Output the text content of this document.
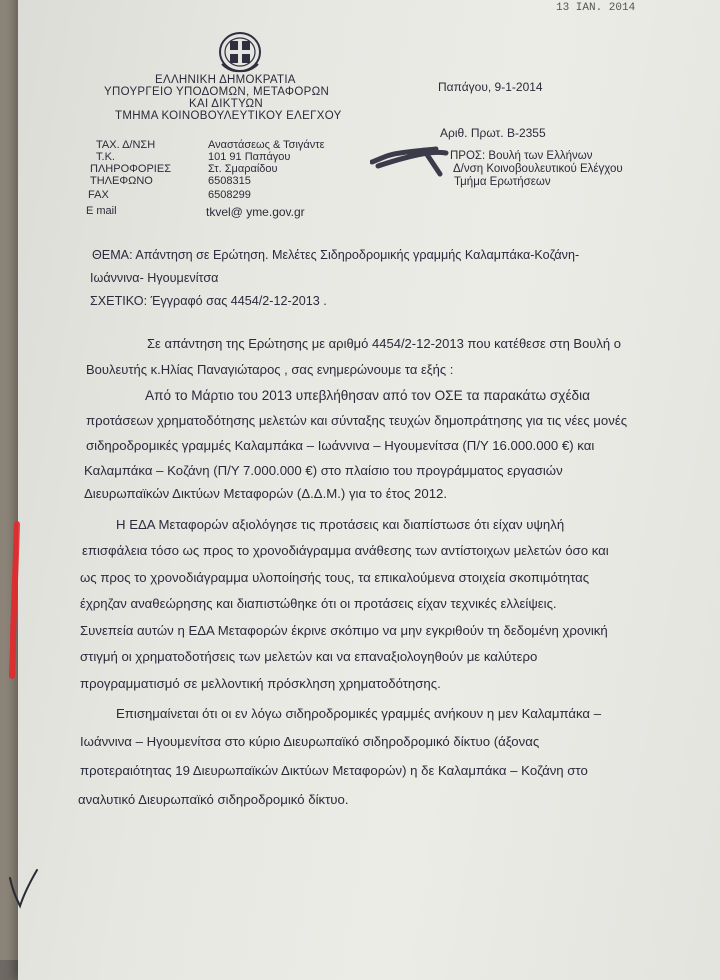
13 IAN. 2014
ΕΛΛΗΝΙΚΗ ΔΗΜΟΚΡΑΤΙΑ
ΥΠΟΥΡΓΕΙΟ ΥΠΟΔΟΜΩΝ, ΜΕΤΑΦΟΡΩΝ
ΚΑΙ ΔΙΚΤΥΩΝ
ΤΜΗΜΑ ΚΟΙΝΟΒΟΥΛΕΥΤΙΚΟΥ ΕΛΕΓΧΟΥ
Παπάγου, 9-1-2014
Αριθ. Πρωτ. Β-2355
ΤΑΧ. Δ/ΝΣΗ	Αναστάσεως & Τσιγάντε
Τ.Κ.	101 91 Παπάγου
ΠΛΗΡΟΦΟΡΙΕΣ	Στ. Σμαραίδου
ΤΗΛΕΦΩΝΟ	6508315
FAX	6508299
E mail	tkvel@ yme.gov.gr
ΠΡΟΣ: Βουλή των Ελλήνων
Δ/νση Κοινοβουλευτικού Ελέγχου
Τμήμα Ερωτήσεων
ΘΕΜΑ: Απάντηση σε Ερώτηση. Μελέτες Σιδηροδρομικής γραμμής Καλαμπάκα-Κοζάνη-
Ιωάννινα- Ηγουμενίτσα
ΣΧΕΤΙΚΟ: Έγγραφό σας 4454/2-12-2013 .
Σε απάντηση της Ερώτησης με αριθμό 4454/2-12-2013 που κατέθεσε στη Βουλή ο
Βουλευτής κ.Ηλίας Παναγιώταρος , σας ενημερώνουμε τα εξής :
Από το Μάρτιο του 2013 υπεβλήθησαν από τον ΟΣΕ τα παρακάτω σχέδια
προτάσεων χρηματοδότησης μελετών και σύνταξης τευχών δημοπράτησης για τις νέες μονές
σιδηροδρομικές γραμμές Καλαμπάκα – Ιωάννινα – Ηγουμενίτσα (Π/Υ 16.000.000 €) και
Καλαμπάκα – Κοζάνη (Π/Υ 7.000.000 €) στο πλαίσιο του προγράμματος εργασιών
Διευρωπαϊκών Δικτύων Μεταφορών (Δ.Δ.Μ.) για το έτος 2012.
Η ΕΔΑ Μεταφορών αξιολόγησε τις προτάσεις και διαπίστωσε ότι είχαν υψηλή
επισφάλεια τόσο ως προς το χρονοδιάγραμμα ανάθεσης των αντίστοιχων μελετών όσο και
ως προς το χρονοδιάγραμμα υλοποίησής τους, τα επικαλούμενα στοιχεία σκοπιμότητας
έχρηζαν αναθεώρησης και διαπιστώθηκε ότι οι προτάσεις είχαν τεχνικές ελλείψεις.
Συνεπεία αυτών η ΕΔΑ Μεταφορών έκρινε σκόπιμο να μην εγκριθούν τη δεδομένη χρονική
στιγμή οι χρηματοδοτήσεις των μελετών και να επαναξιολογηθούν με καλύτερο
προγραμματισμό σε μελλοντική πρόσκληση χρηματοδότησης.
Επισημαίνεται ότι οι εν λόγω σιδηροδρομικές γραμμές ανήκουν η μεν Καλαμπάκα –
Ιωάννινα – Ηγουμενίτσα στο κύριο Διευρωπαϊκό σιδηροδρομικό δίκτυο (άξονας
προτεραιότητας 19 Διευρωπαϊκών Δικτύων Μεταφορών) η δε Καλαμπάκα – Κοζάνη στο
αναλυτικό Διευρωπαϊκό σιδηροδρομικό δίκτυο.
